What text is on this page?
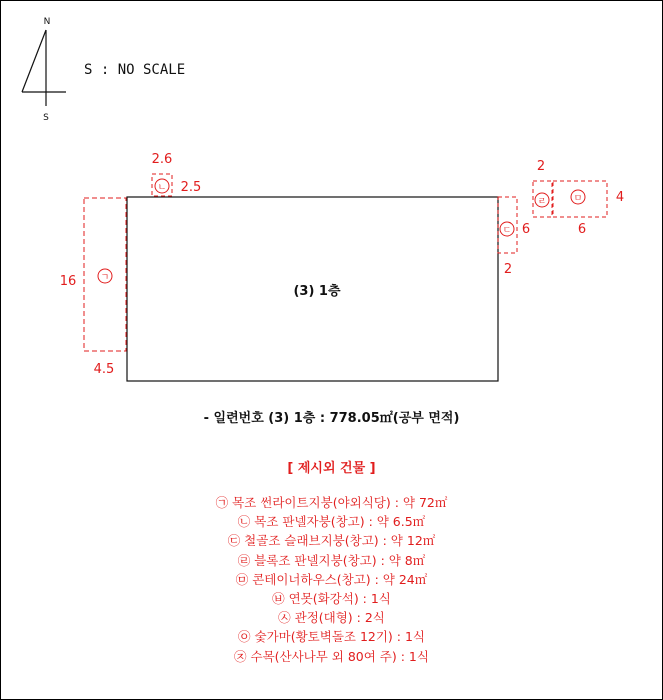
N
S
(3) 1층
ㄱ
16
4.5
ㄴ
2.6
2.5
ㄷ 6
2
ㄹ
2
ㅁ	4
6
S : NO SCALE
- 일련번호 (3) 1층 : 778.05㎡(공부 면적)
[ 제시외 건물 ]
㉠ 목조 썬라이트지붕(야외식당) : 약 72㎡
㉡ 목조 판넬자붕(창고) : 약 6.5㎡
㉢ 철골조 슬래브지붕(창고) : 약 12㎡
㉣ 블록조 판넬지붕(창고) : 약 8㎡
㉤ 콘테이너하우스(창고) : 약 24㎡
㉥ 연못(화강석) : 1식
㉦ 관정(대형) : 2식
㉧ 숯가마(황토벽돌조 12기) : 1식
㉨ 수목(산사나무 외 80여 주) : 1식
